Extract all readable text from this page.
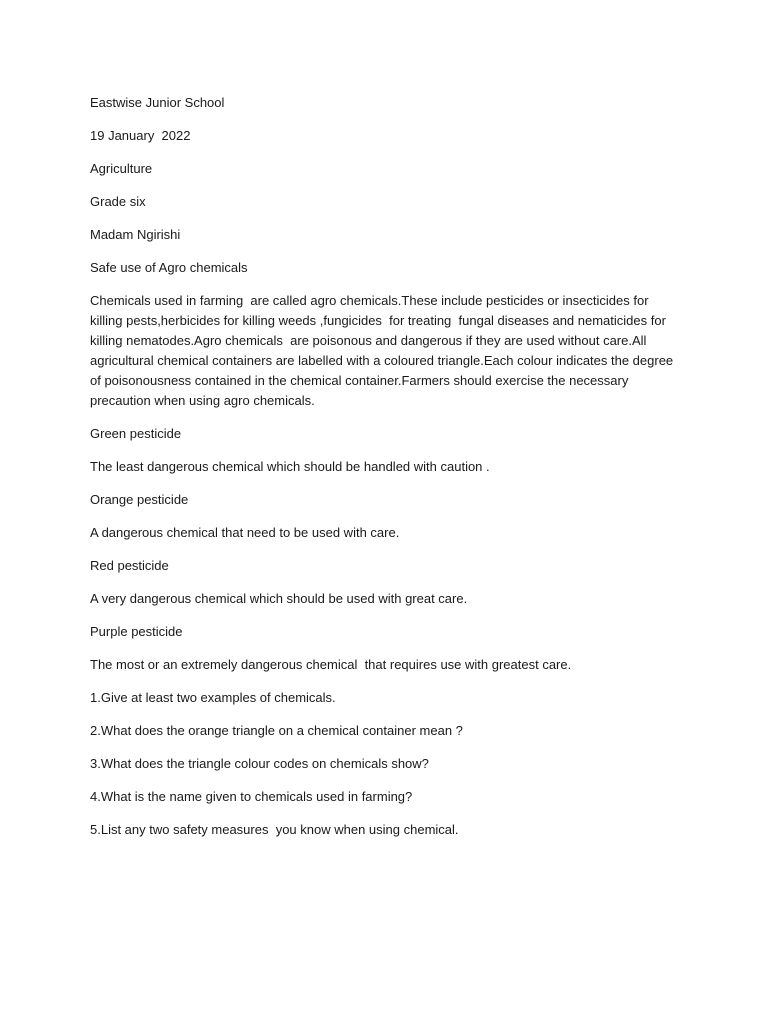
Eastwise Junior School

19 January  2022

Agriculture

Grade six

Madam Ngirishi

Safe use of Agro chemicals

Chemicals used in farming  are called agro chemicals.These include pesticides or insecticides for killing pests,herbicides for killing weeds ,fungicides  for treating  fungal diseases and nematicides for killing nematodes.Agro chemicals  are poisonous and dangerous if they are used without care.All agricultural chemical containers are labelled with a coloured triangle.Each colour indicates the degree of poisonousness contained in the chemical container.Farmers should exercise the necessary precaution when using agro chemicals.

Green pesticide

The least dangerous chemical which should be handled with caution .

Orange pesticide

A dangerous chemical that need to be used with care.

Red pesticide

A very dangerous chemical which should be used with great care.

Purple pesticide

The most or an extremely dangerous chemical  that requires use with greatest care.

1.Give at least two examples of chemicals.

2.What does the orange triangle on a chemical container mean ?

3.What does the triangle colour codes on chemicals show?

4.What is the name given to chemicals used in farming?

5.List any two safety measures  you know when using chemical.
